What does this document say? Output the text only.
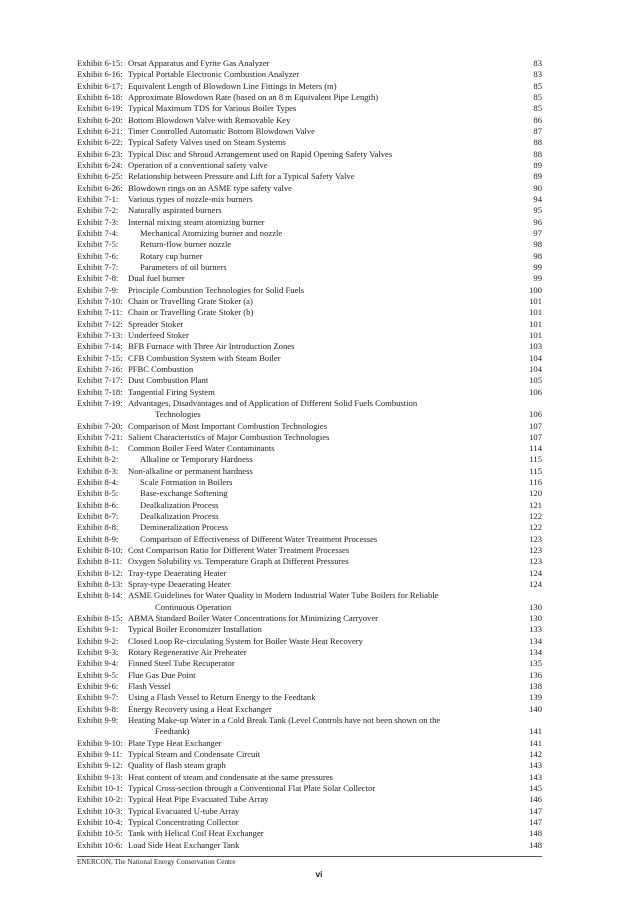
Exhibit 6-15: Orsat Apparatus and Fyrite Gas Analyzer	83
Exhibit 6-16: Typical Portable Electronic Combustion Analyzer	83
Exhibit 6-17: Equivalent Length of Blowdown Line Fittings in Meters (m)	85
Exhibit 6-18: Approximate Blowdown Rate (based on an 8 m Equivalent Pipe Length)	85
Exhibit 6-19: Typical Maximum TDS for Various Boiler Types	85
Exhibit 6-20: Bottom Blowdown Valve with Removable Key	86
Exhibit 6-21: Timer Controlled Automatic Bottom Blowdown Valve	87
Exhibit 6-22: Typical Safety Valves used on Steam Systems	88
Exhibit 6-23: Typical Disc and Shroud Arrangement used on Rapid Opening Safety Valves	88
Exhibit 6-24: Operation of a conventional safety valve	89
Exhibit 6-25: Relationship between Pressure and Lift for a Typical Safety Valve	89
Exhibit 6-26: Blowdown rings on an ASME type safety valve	90
Exhibit 7-1: Various types of nozzle-mix burners	94
Exhibit 7-2: Naturally aspirated burners	95
Exhibit 7-3: Internal mixing steam atomizing burner	96
Exhibit 7-4:	Mechanical Atomizing burner and nozzle	97
Exhibit 7-5:	Return-flow burner nozzle	98
Exhibit 7-6:	Rotary cup burner	98
Exhibit 7-7:	Parameters of oil burners	99
Exhibit 7-8: Dual fuel burner	99
Exhibit 7-9: Principle Combustion Technologies for Solid Fuels	100
Exhibit 7-10: Chain or Travelling Grate Stoker (a)	101
Exhibit 7-11: Chain or Travelling Grate Stoker (b)	101
Exhibit 7-12: Spreader Stoker	101
Exhibit 7-13: Underfeed Stoker	101
Exhibit 7-14: BFB Furnace with Three Air Introduction Zones	103
Exhibit 7-15: CFB Combustion System with Steam Boiler	104
Exhibit 7-16: PFBC Combustion	104
Exhibit 7-17: Dust Combustion Plant	105
Exhibit 7-18: Tangential Firing System	106
Exhibit 7-19: Advantages, Disadvantages and of Application of Different Solid Fuels Combustion
Technologies	106
Exhibit 7-20: Comparison of Most Important Combustion Technologies	107
Exhibit 7-21: Salient Characteristics of Major Combustion Technologies	107
Exhibit 8-1: Common Boiler Feed Water Contaminants	114
Exhibit 8-2:	Alkaline or Temporary Hardness	115
Exhibit 8-3: Non-alkaline or permanent hardness	115
Exhibit 8-4:	Scale Formation in Boilers	116
Exhibit 8-5:	Base-exchange Softening	120
Exhibit 8-6:	Dealkalization Process	121
Exhibit 8-7:	Dealkalization Process	122
Exhibit 8-8:	Demineralization Process	122
Exhibit 8-9:	Comparison of Effectiveness of Different Water Treatment Processes	123
Exhibit 8-10: Cost Comparison Ratio for Different Water Treatment Processes	123
Exhibit 8-11: Oxygen Solubility vs. Temperature Graph at Different Pressures	123
Exhibit 8-12: Tray-type Deaerating Heater	124
Exhibit 8-13: Spray-type Deaerating Heater	124
Exhibit 8-14: ASME Guidelines for Water Quality in Modern Industrial Water Tube Boilers for Reliable
Continuous Operation	130
Exhibit 8-15: ABMA Standard Boiler Water Concentrations for Minimizing Carryover	130
Exhibit 9-1: Typical Boiler Economizer Installation	133
Exhibit 9-2: Closed Loop Re-circulating System for Boiler Waste Heat Recovery	134
Exhibit 9-3: Rotary Regenerative Air Preheater	134
Exhibit 9-4: Finned Steel Tube Recuperator	135
Exhibit 9-5: Flue Gas Due Point	136
Exhibit 9-6: Flash Vessel	138
Exhibit 9-7: Using a Flash Vessel to Return Energy to the Feedtank	139
Exhibit 9-8: Energy Recovery using a Heat Exchanger	140
Exhibit 9-9: Heating Make-up Water in a Cold Break Tank (Level Controls have not been shown on the
Feedtank)	141
Exhibit 9-10: Plate Type Heat Exchanger	141
Exhibit 9-11: Typical Steam and Condensate Circuit	142
Exhibit 9-12: Quality of flash steam graph	143
Exhibit 9-13: Heat content of steam and condensate at the same pressures	143
Exhibit 10-1: Typical Cross-section through a Conventional Flat Plate Solar Collector	145
Exhibit 10-2: Typical Heat Pipe Evacuated Tube Array	146
Exhibit 10-3: Typical Evacuated U-tube Array	147
Exhibit 10-4: Typical Concentrating Collector	147
Exhibit 10-5: Tank with Helical Coil Heat Exchanger	148
Exhibit 10-6: Load Side Heat Exchanger Tank	148
ENERCON, The National Energy Conservation Centre
vi
